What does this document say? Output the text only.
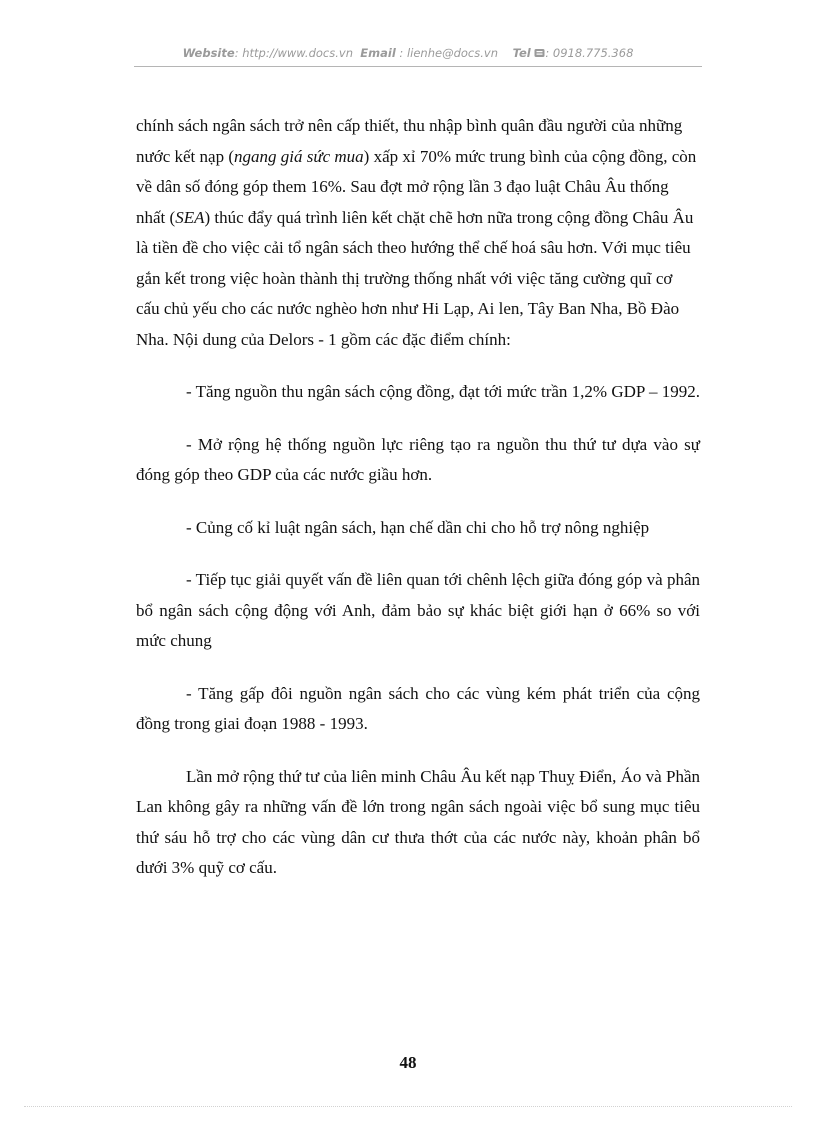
Website: http://www.docs.vn Email : lienhe@docs.vn Tel : 0918.775.368

chính sách ngân sách trở nên cấp thiết, thu nhập bình quân đầu người của những nước kết nạp (ngang giá sức mua) xấp xỉ 70% mức trung bình của cộng đồng, còn về dân số đóng góp them 16%. Sau đợt mở rộng lần 3 đạo luật Châu Âu thống nhất (SEA) thúc đẩy quá trình liên kết chặt chẽ hơn nữa trong cộng đồng Châu Âu là tiền đề cho việc cải tổ ngân sách theo hướng thể chế hoá sâu hơn. Với mục tiêu gắn kết trong việc hoàn thành thị trường thống nhất với việc tăng cường quĩ cơ cấu chủ yếu cho các nước nghèo hơn như Hi Lạp, Ai len, Tây Ban Nha, Bồ Đào Nha. Nội dung của Delors - 1 gồm các đặc điểm chính:

- Tăng nguồn thu ngân sách cộng đồng, đạt tới mức trần 1,2% GDP – 1992.

- Mở rộng hệ thống nguồn lực riêng tạo ra nguồn thu thứ tư dựa vào sự đóng góp theo GDP của các nước giầu hơn.

- Củng cố kỉ luật ngân sách, hạn chế dần chi cho hỗ trợ nông nghiệp

- Tiếp tục giải quyết vấn đề liên quan tới chênh lệch giữa đóng góp và phân bổ ngân sách cộng động với Anh, đảm bảo sự khác biệt giới hạn ở 66% so với mức chung

- Tăng gấp đôi nguồn ngân sách cho các vùng kém phát triển của cộng đồng trong giai đoạn 1988 - 1993.

Lần mở rộng thứ tư của liên minh Châu Âu kết nạp Thuỵ Điển, Áo và Phần Lan không gây ra những vấn đề lớn trong ngân sách ngoài việc bổ sung mục tiêu thứ sáu hỗ trợ cho các vùng dân cư thưa thớt của các nước này, khoản phân bổ dưới 3% quỹ cơ cấu.

48
